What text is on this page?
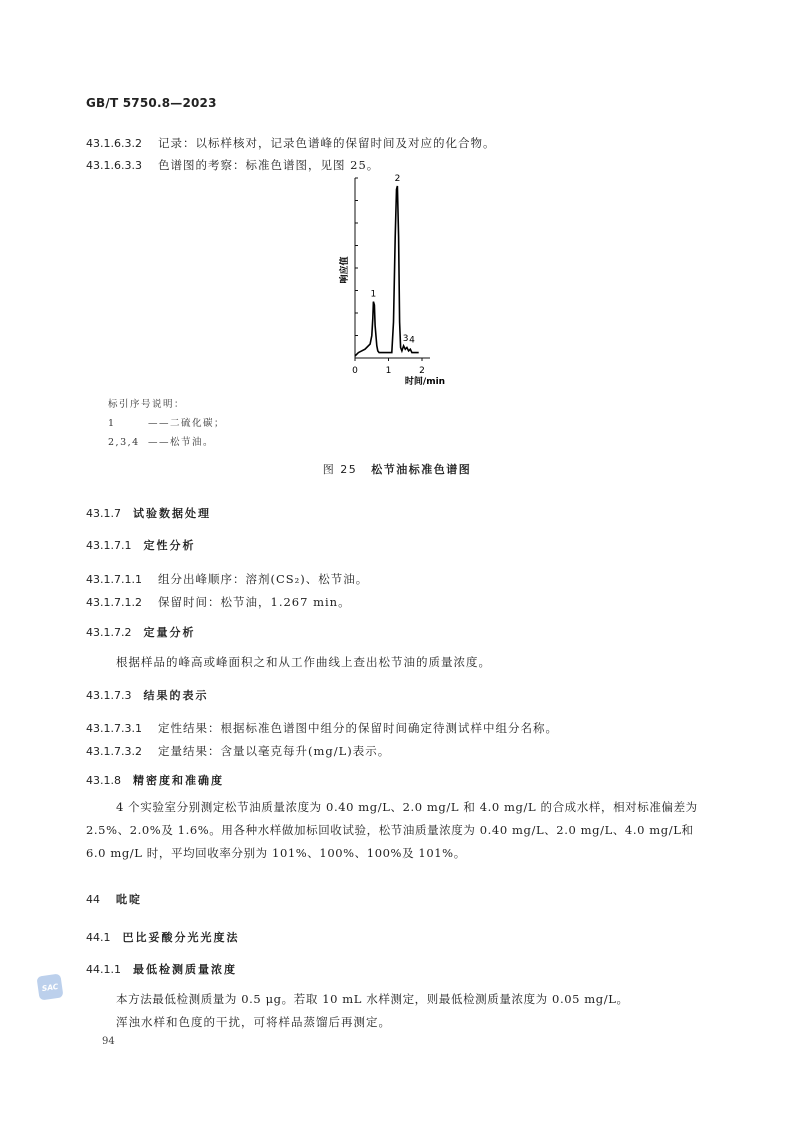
GB/T 5750.8—2023
43.1.6.3.2 记录：以标样核对，记录色谱峰的保留时间及对应的化合物。
43.1.6.3.3 色谱图的考察：标准色谱图，见图 25。
0	1	2
1
2
3 4
响应值
时间/min
标引序号说明：
1	——二硫化碳；
2,3,4 ——松节油。
图 25 松节油标准色谱图
43.1.7 试验数据处理
43.1.7.1 定性分析
43.1.7.1.1 组分出峰顺序：溶剂(CS₂)、松节油。
43.1.7.1.2 保留时间：松节油，1.267 min。
43.1.7.2 定量分析
根据样品的峰高或峰面积之和从工作曲线上查出松节油的质量浓度。
43.1.7.3 结果的表示
43.1.7.3.1 定性结果：根据标准色谱图中组分的保留时间确定待测试样中组分名称。
43.1.7.3.2 定量结果：含量以毫克每升(mg/L)表示。
43.1.8 精密度和准确度
4 个实验室分别测定松节油质量浓度为 0.40 mg/L、2.0 mg/L 和 4.0 mg/L 的合成水样，相对标准偏差为 2.5%、2.0%及 1.6%。用各种水样做加标回收试验，松节油质量浓度为 0.40 mg/L、2.0 mg/L、4.0 mg/L和 6.0 mg/L 时，平均回收率分别为 101%、100%、100%及 101%。
44 吡啶
44.1 巴比妥酸分光光度法
44.1.1 最低检测质量浓度
SAC
本方法最低检测质量为 0.5 μg。若取 10 mL 水样测定，则最低检测质量浓度为 0.05 mg/L。
浑浊水样和色度的干扰，可将样品蒸馏后再测定。
94
